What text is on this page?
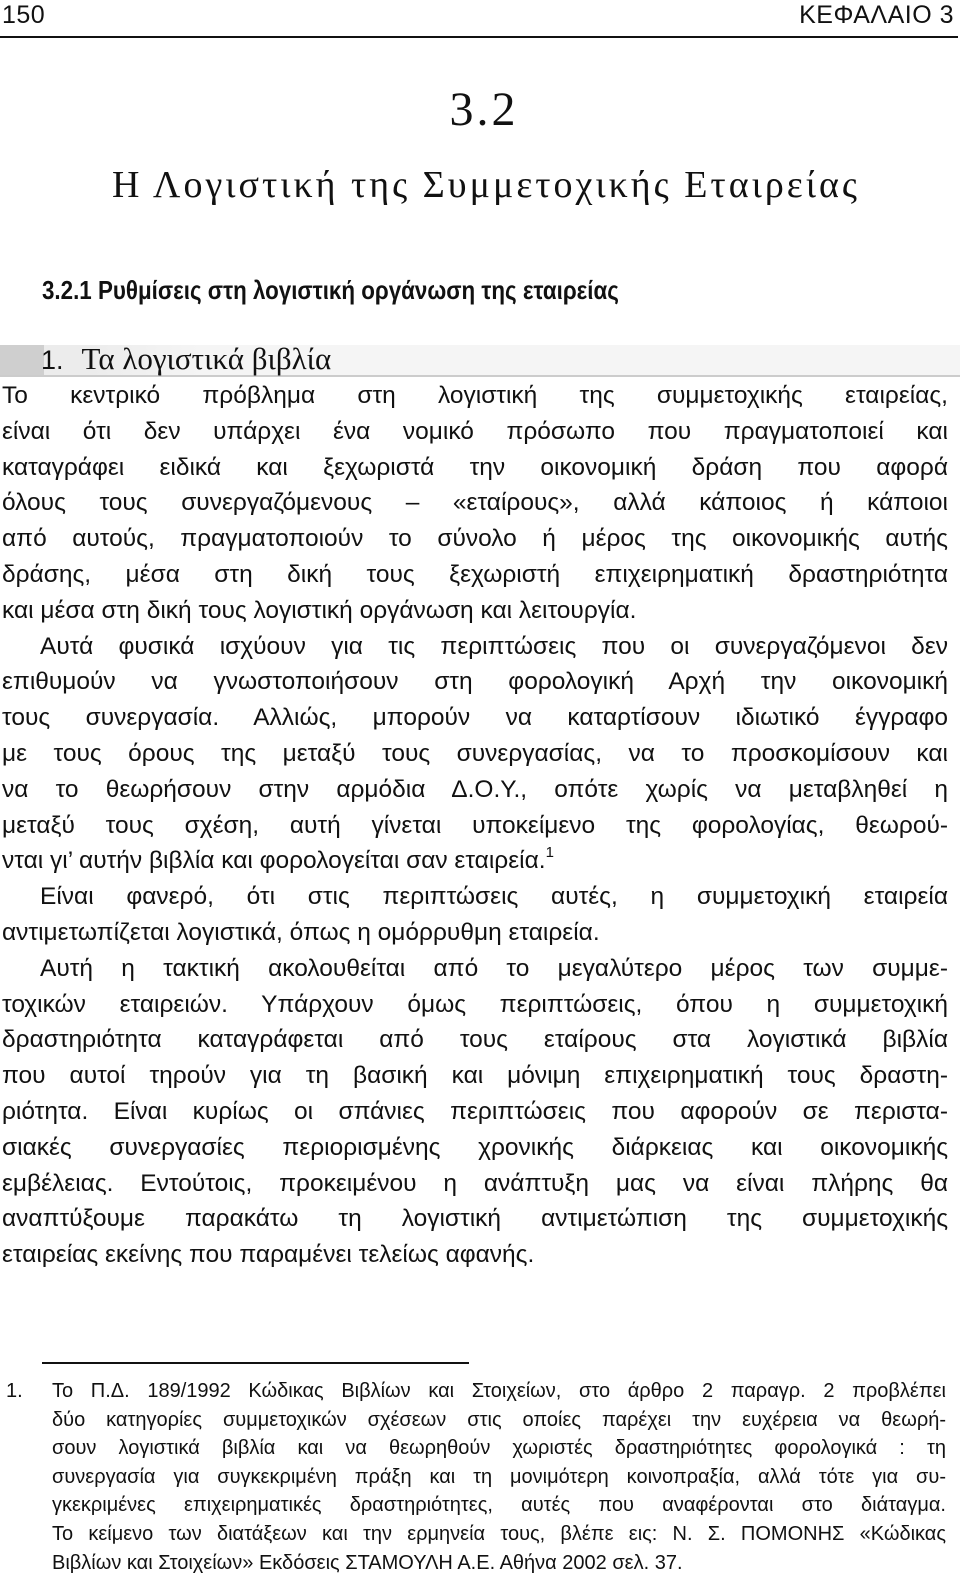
150	ΚΕΦΑΛΑΙΟ 3
3.2
Η Λογιστική της Συμμετοχικής Εταιρείας
3.2.1 Ρυθμίσεις στη λογιστική οργάνωση της εταιρείας
1. Τα λογιστικά βιβλία
Το κεντρικό πρόβλημα στη λογιστική της συμμετοχικής εταιρείας,
είναι ότι δεν υπάρχει ένα νομικό πρόσωπο που πραγματοποιεί και
καταγράφει ειδικά και ξεχωριστά την οικονομική δράση που αφορά
όλους τους συνεργαζόμενους – «εταίρους», αλλά κάποιος ή κάποιοι
από αυτούς, πραγματοποιούν το σύνολο ή μέρος της οικονομικής αυτής
δράσης, μέσα στη δική τους ξεχωριστή επιχειρηματική δραστηριότητα
και μέσα στη δική τους λογιστική οργάνωση και λειτουργία.
Αυτά φυσικά ισχύουν για τις περιπτώσεις που οι συνεργαζόμενοι δεν
επιθυμούν να γνωστοποιήσουν στη φορολογική Αρχή την οικονομική
τους συνεργασία. Αλλιώς, μπορούν να καταρτίσουν ιδιωτικό έγγραφο
με τους όρους της μεταξύ τους συνεργασίας, να το προσκομίσουν και
να το θεωρήσουν στην αρμόδια Δ.Ο.Υ., οπότε χωρίς να μεταβληθεί η
μεταξύ τους σχέση, αυτή γίνεται υποκείμενο της φορολογίας, θεωρού-
νται γι’ αυτήν βιβλία και φορολογείται σαν εταιρεία.$^1$
Είναι φανερό, ότι στις περιπτώσεις αυτές, η συμμετοχική εταιρεία
αντιμετωπίζεται λογιστικά, όπως η ομόρρυθμη εταιρεία.
Αυτή η τακτική ακολουθείται από το μεγαλύτερο μέρος των συμμε-
τοχικών εταιρειών. Υπάρχουν όμως περιπτώσεις, όπου η συμμετοχική
δραστηριότητα καταγράφεται από τους εταίρους στα λογιστικά βιβλία
που αυτοί τηρούν για τη βασική και μόνιμη επιχειρηματική τους δραστη-
ριότητα. Είναι κυρίως οι σπάνιες περιπτώσεις που αφορούν σε περιστα-
σιακές συνεργασίες περιορισμένης χρονικής διάρκειας και οικονομικής
εμβέλειας. Εντούτοις, προκειμένου η ανάπτυξη μας να είναι πλήρης θα
αναπτύξουμε παρακάτω τη λογιστική αντιμετώπιση της συμμετοχικής
εταιρείας εκείνης που παραμένει τελείως αφανής.
1. Το Π.Δ. 189/1992 Κώδικας Βιβλίων και Στοιχείων, στο άρθρο 2 παραγρ. 2 προβλέπει
δύο κατηγορίες συμμετοχικών σχέσεων στις οποίες παρέχει την ευχέρεια να θεωρή-
σουν λογιστικά βιβλία και να θεωρηθούν χωριστές δραστηριότητες φορολογικά : τη
συνεργασία για συγκεκριμένη πράξη και τη μονιμότερη κοινοπραξία, αλλά τότε για συ-
γκεκριμένες επιχειρηματικές δραστηριότητες, αυτές που αναφέρονται στο διάταγμα.
Το κείμενο των διατάξεων και την ερμηνεία τους, βλέπε εις: Ν. Σ. ΠΟΜΟΝΗΣ «Κώδικας
Βιβλίων και Στοιχείων» Εκδόσεις ΣΤΑΜΟΥΛΗ Α.Ε. Αθήνα 2002 σελ. 37.
